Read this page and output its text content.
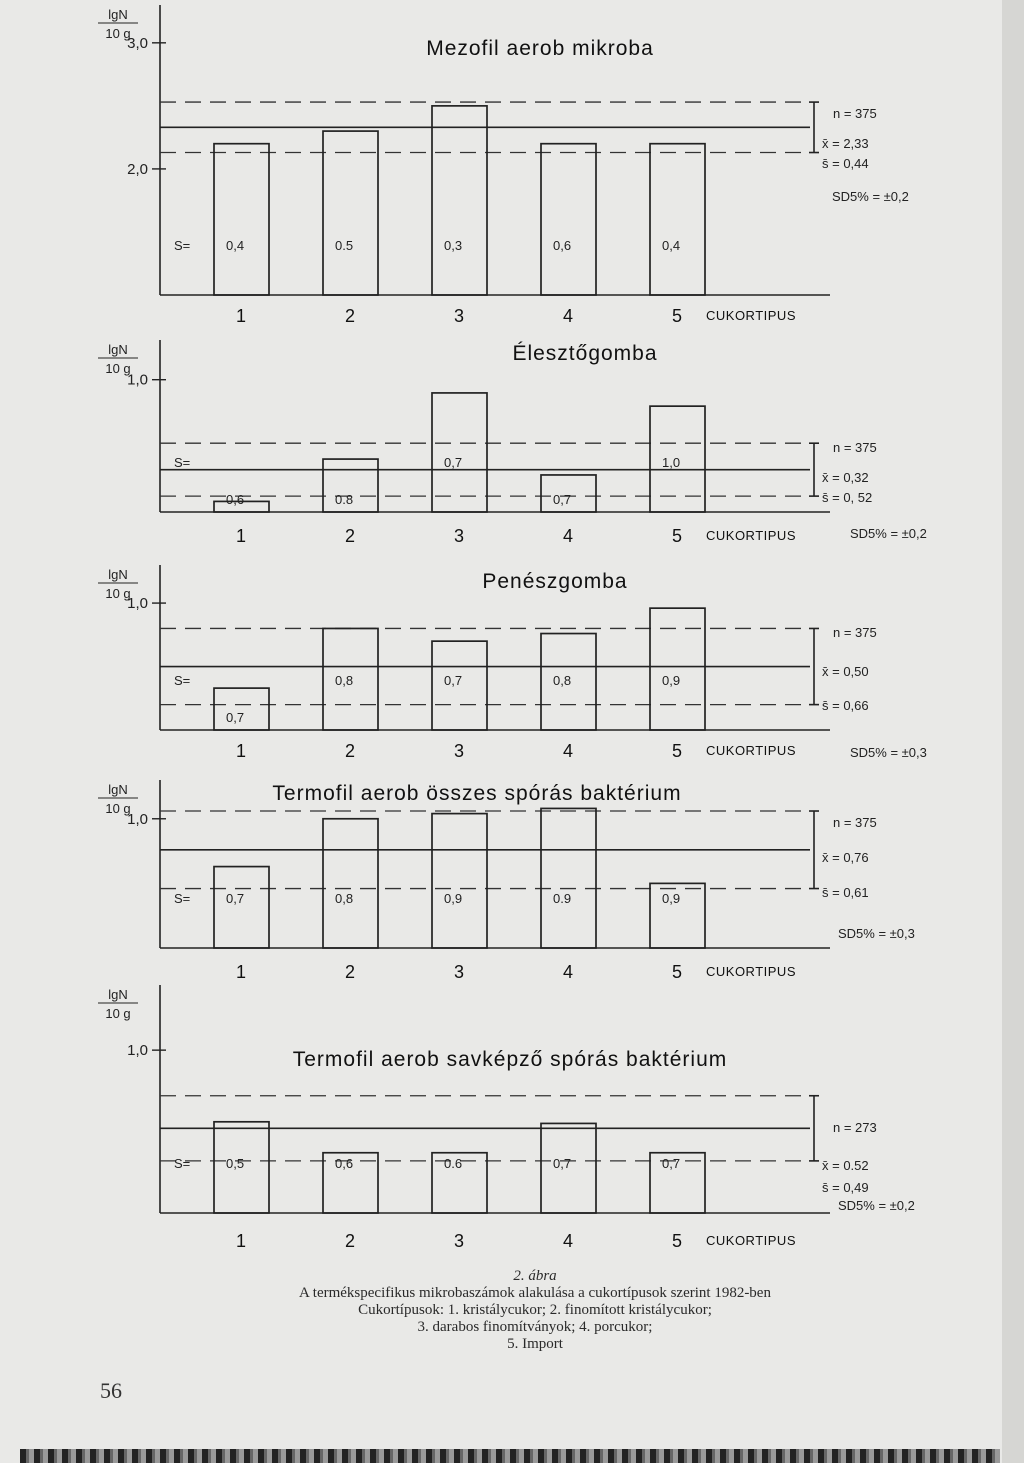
lgN
10 g
3,0
2,0
0,4
1
0.5
2
0,3
3
0,6
4
0,4
5
S=
CUKORTIPUS
Mezofil aerob mikroba
n = 375
x̄ = 2,33
s̄ = 0,44
SD5% = ±0,2
lgN
10 g
1,0
0,6
1
0.8
2
0,7
3
0,7
4
1,0
5
S=
CUKORTIPUS
Élesztőgomba
n = 375
x̄ = 0,32
s̄ = 0, 52
SD5% = ±0,2
lgN
10 g
1,0
0,7
1
0,8
2
0,7
3
0,8
4
0,9
5
S=
CUKORTIPUS
Penészgomba
n = 375
x̄ = 0,50
s̄ = 0,66
SD5% = ±0,3
lgN
10 g
1,0
0,7
1
0,8
2
0,9
3
0.9
4
0,9
5
S=
CUKORTIPUS
Termofil aerob összes spórás baktérium
n = 375
x̄ = 0,76
s̄ = 0,61
SD5% = ±0,3
lgN
10 g
1,0
0,5
1
0,6
2
0.6
3
0,7
4
0,7
5
S=
CUKORTIPUS
Termofil aerob savképző spórás baktérium
n = 273
x̄ = 0.52
s̄ = 0,49
SD5% = ±0,2
2. ábra
A termékspecifikus mikrobaszámok alakulása a cukortípusok szerint 1982-ben
Cukortípusok: 1. kristálycukor; 2. finomított kristálycukor;
3. darabos finomítványok; 4. porcukor;
5. Import
56
